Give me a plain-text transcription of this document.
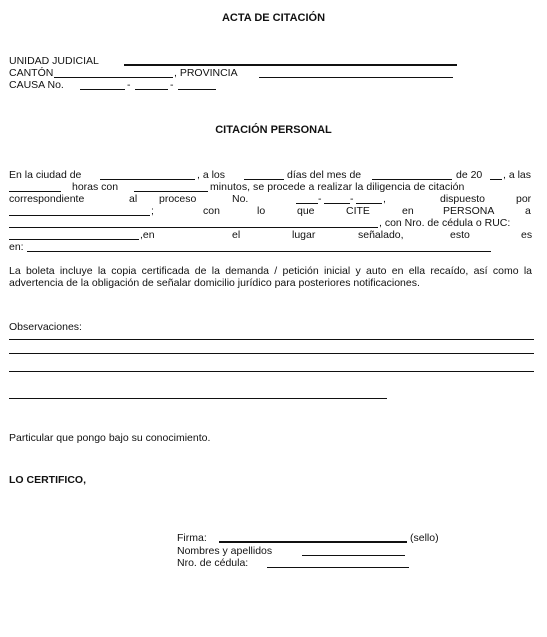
ACTA DE CITACIÓN
UNIDAD JUDICIAL
CANTÓN	, PROVINCIA
CAUSA No.	-	-
CITACIÓN PERSONAL
En la ciudad de	, a los	días del mes de	de 20 , a las
horas con	minutos, se procede a realizar la diligencia de citación
correspondiente	al proceso	No.	-	-	,	dispuesto	por
;	con	lo	que	CITE	en	PERSONA	a
, con Nro. de cédula o RUC:
,en	el	lugar	señalado,	esto	es
en:
La boleta incluye la copia certificada de la demanda / petición inicial y auto en ella recaído, así como la advertencia de la obligación de señalar domicilio jurídico para posteriores notificaciones.
Observaciones:
Particular que pongo bajo su conocimiento.
LO CERTIFICO,
Firma:	(sello)
Nombres y apellidos
Nro. de cédula:
